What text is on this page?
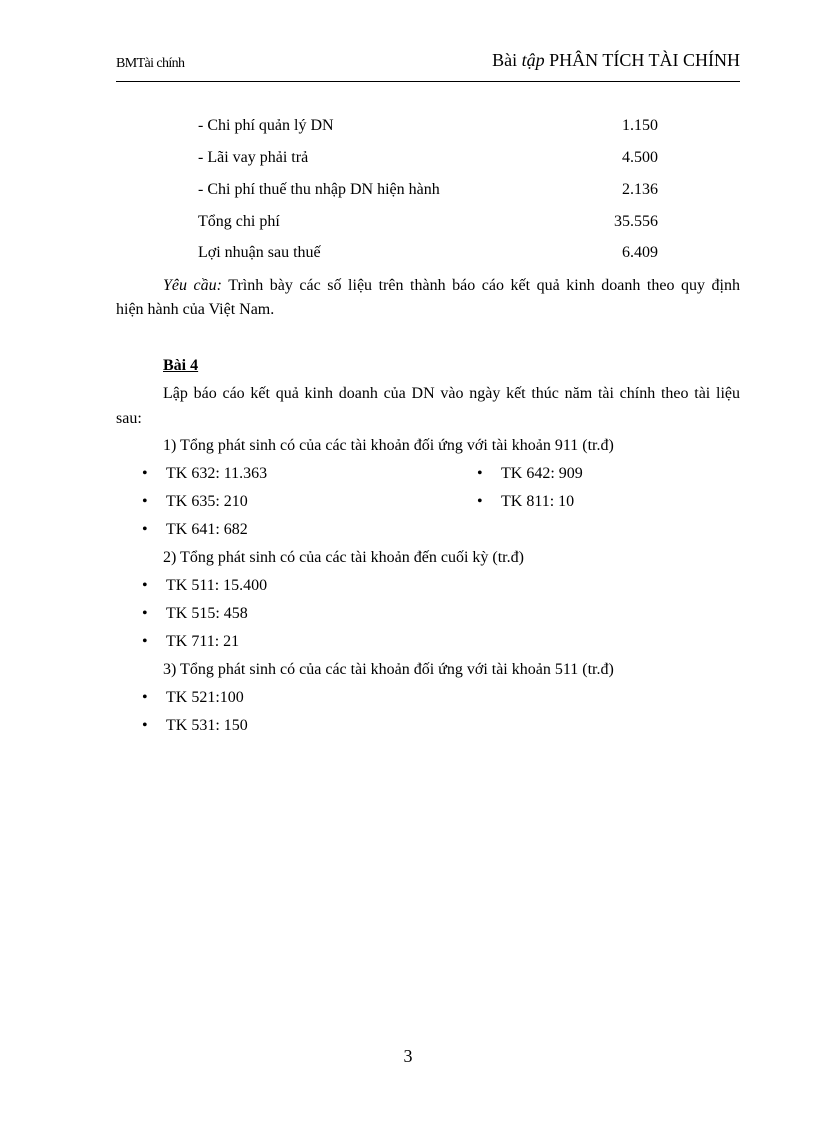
BMTài chính	Bài tập PHÂN TÍCH TÀI CHÍNH
- Chi phí quản lý DN	1.150
- Lãi vay phải trả	4.500
- Chi phí thuế thu nhập DN hiện hành	2.136
Tổng chi phí	35.556
Lợi nhuận sau thuế	6.409
Yêu cầu: Trình bày các số liệu trên thành báo cáo kết quả kinh doanh theo quy định
hiện hành của Việt Nam.
Bài 4
Lập báo cáo kết quả kinh doanh của DN vào ngày kết thúc năm tài chính theo tài liệu
sau:
1) Tổng phát sinh có của các tài khoản đối ứng với tài khoản 911 (tr.đ)
• TK 632: 11.363	• TK 642: 909
• TK 635: 210	• TK 811: 10
• TK 641: 682
2) Tổng phát sinh có của các tài khoản đến cuối kỳ (tr.đ)
• TK 511: 15.400
• TK 515: 458
• TK 711: 21
3) Tổng phát sinh có của các tài khoản đối ứng với tài khoản 511 (tr.đ)
• TK 521:100
• TK 531: 150
3
